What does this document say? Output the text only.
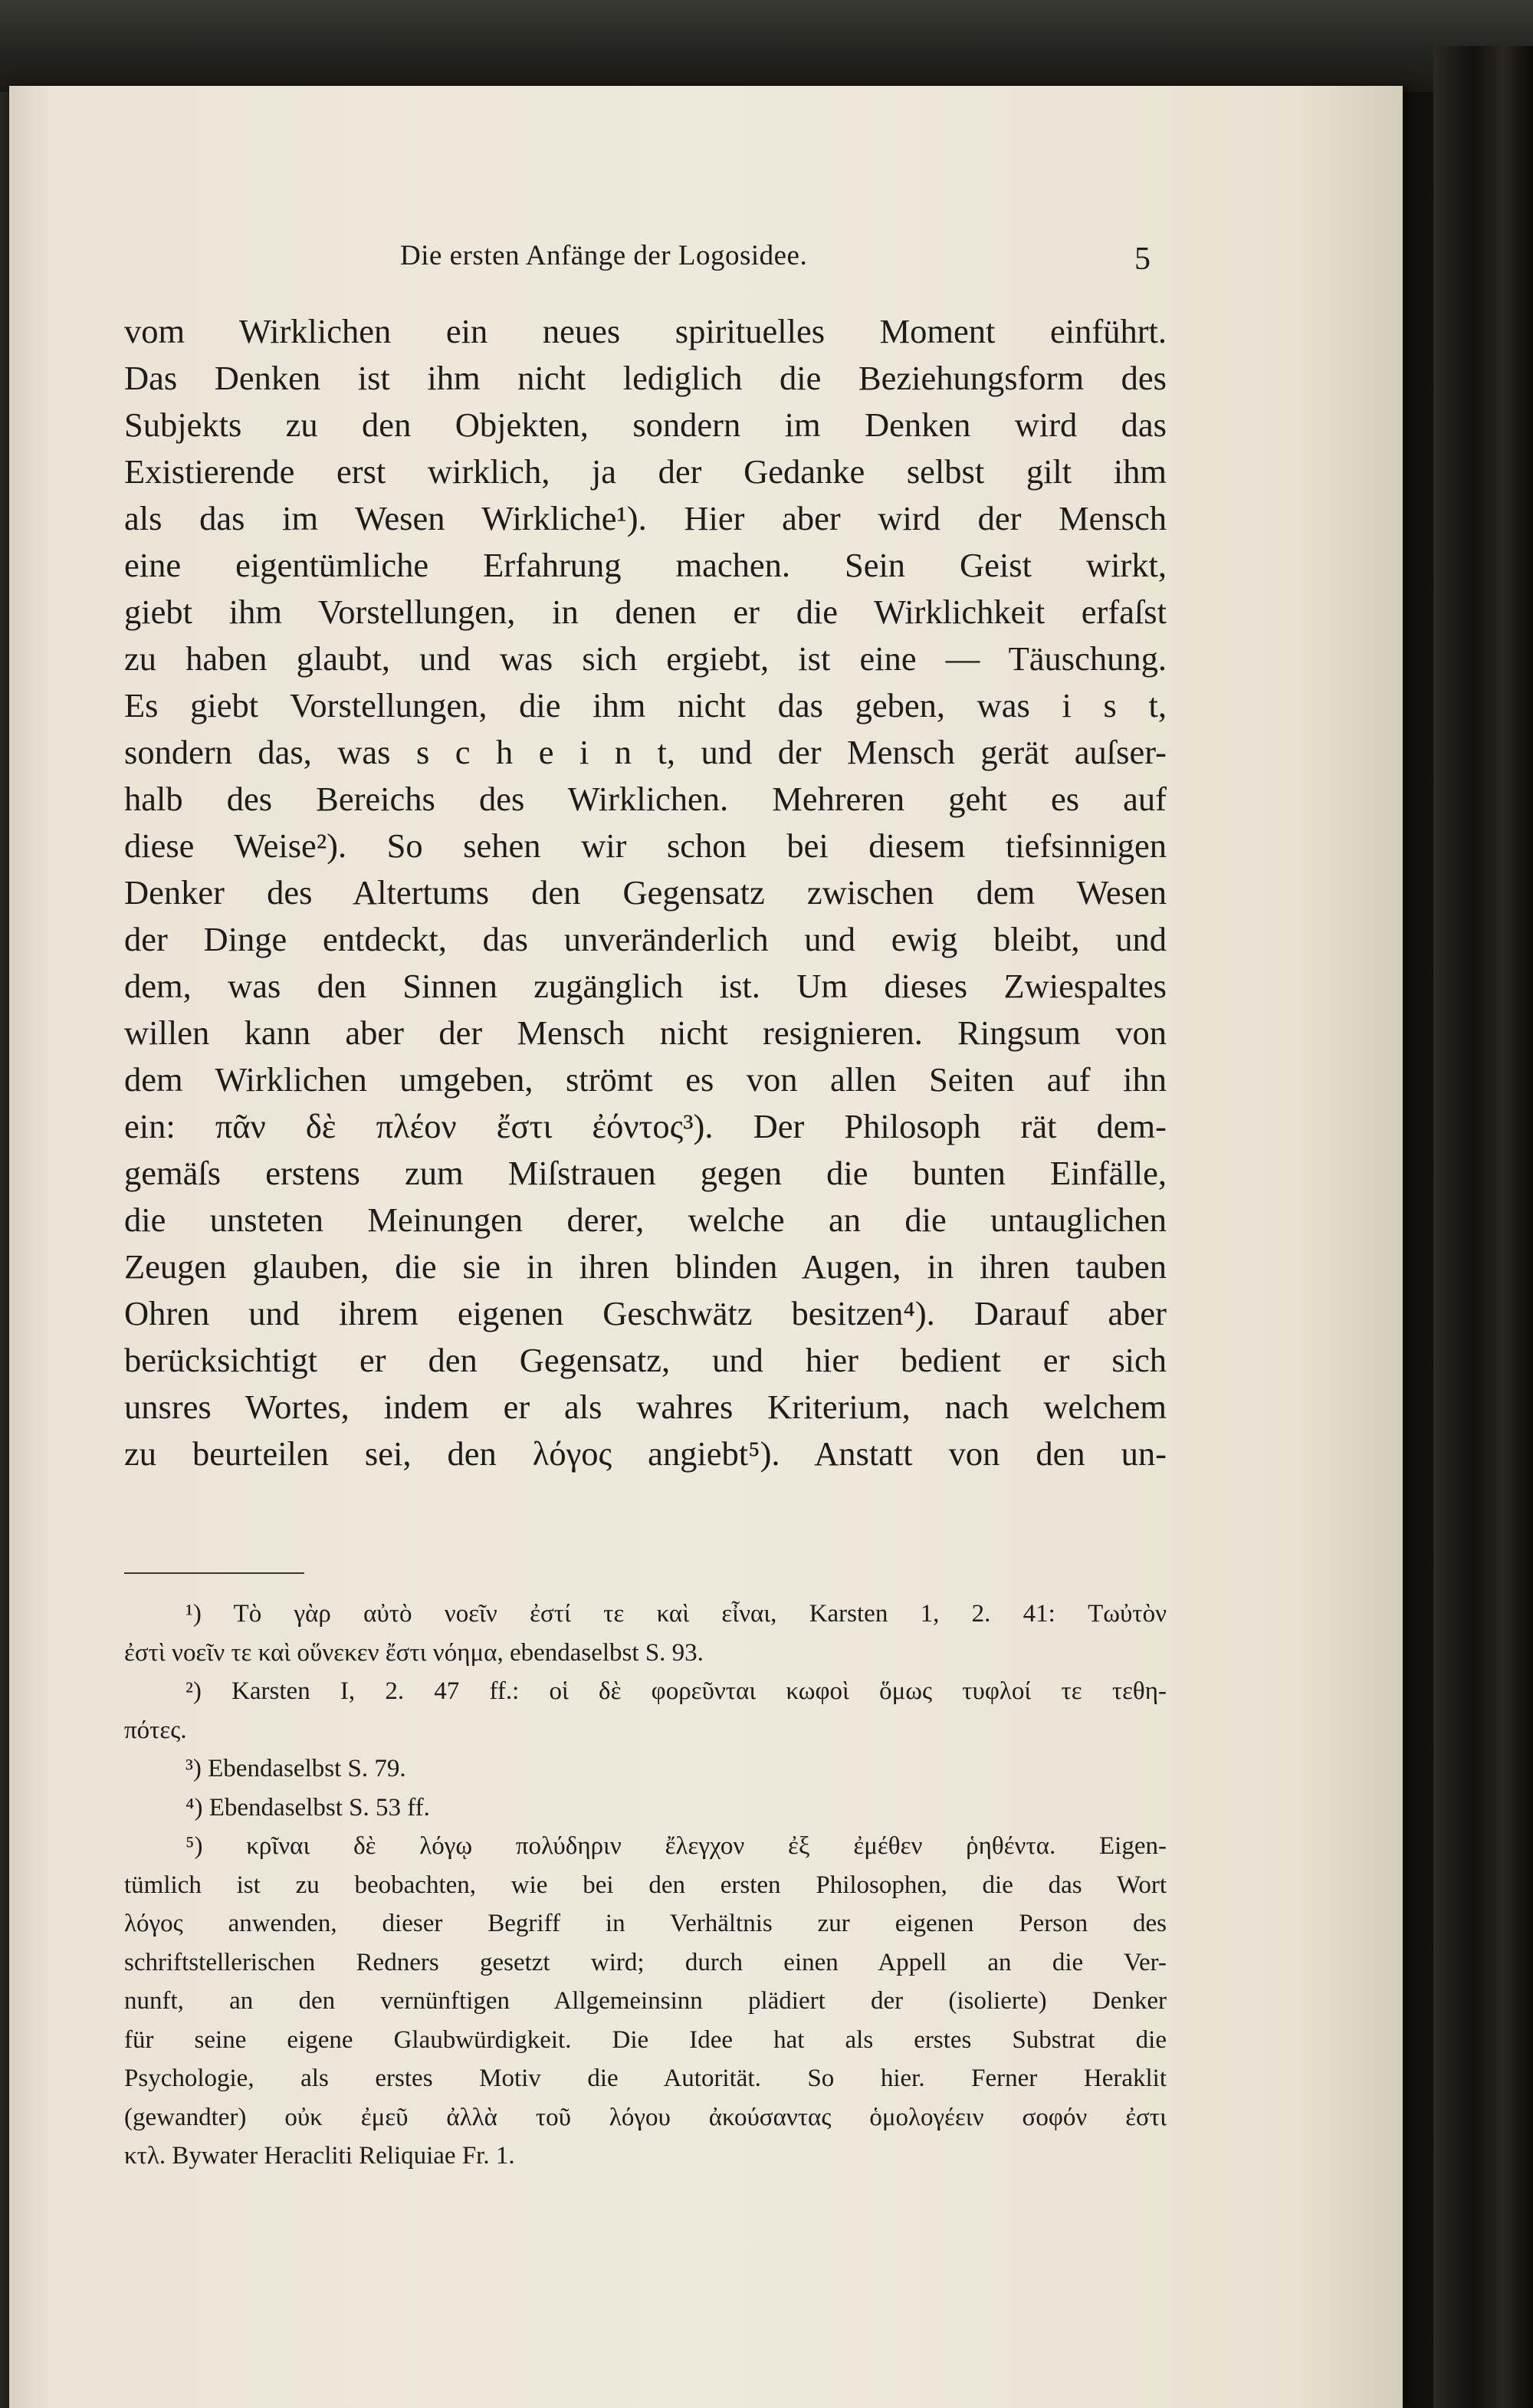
Die ersten Anfänge der Logosidee.	5
vom Wirklichen ein neues spirituelles Moment einführt.
Das Denken ist ihm nicht lediglich die Beziehungsform des
Subjekts zu den Objekten, sondern im Denken wird das
Existierende erst wirklich, ja der Gedanke selbst gilt ihm
als das im Wesen Wirkliche¹). Hier aber wird der Mensch
eine eigentümliche Erfahrung machen. Sein Geist wirkt,
giebt ihm Vorstellungen, in denen er die Wirklichkeit erfaſst
zu haben glaubt, und was sich ergiebt, ist eine — Täuschung.
Es giebt Vorstellungen, die ihm nicht das geben, was i s t,
sondern das, was s c h e i n t, und der Mensch gerät auſser-
halb des Bereichs des Wirklichen. Mehreren geht es auf
diese Weise²). So sehen wir schon bei diesem tiefsinnigen
Denker des Altertums den Gegensatz zwischen dem Wesen
der Dinge entdeckt, das unveränderlich und ewig bleibt, und
dem, was den Sinnen zugänglich ist. Um dieses Zwiespaltes
willen kann aber der Mensch nicht resignieren. Ringsum von
dem Wirklichen umgeben, strömt es von allen Seiten auf ihn
ein: πᾶν δὲ πλέον ἔστι ἐόντος³). Der Philosoph rät dem-
gemäſs erstens zum Miſstrauen gegen die bunten Einfälle,
die unsteten Meinungen derer, welche an die untauglichen
Zeugen glauben, die sie in ihren blinden Augen, in ihren tauben
Ohren und ihrem eigenen Geschwätz besitzen⁴). Darauf aber
berücksichtigt er den Gegensatz, und hier bedient er sich
unsres Wortes, indem er als wahres Kriterium, nach welchem
zu beurteilen sei, den λόγος angiebt⁵). Anstatt von den un-
¹) Τὸ γὰρ αὐτὸ νοεῖν ἐστί τε καὶ εἶναι, Karsten 1, 2. 41: Τωὐτὸν
ἐστὶ νοεῖν τε καὶ οὕνεκεν ἔστι νόημα, ebendaselbst S. 93.
²) Karsten I, 2. 47 ff.: οἱ δὲ φορεῦνται κωφοὶ ὅμως τυφλοί τε τεθη-
πότες.
³) Ebendaselbst S. 79.
⁴) Ebendaselbst S. 53 ff.
⁵) κρῖναι δὲ λόγῳ πολύδηριν ἔλεγχον ἐξ ἐμέθεν ῥηθέντα. Eigen-
tümlich ist zu beobachten, wie bei den ersten Philosophen, die das Wort
λόγος anwenden, dieser Begriff in Verhältnis zur eigenen Person des
schriftstellerischen Redners gesetzt wird; durch einen Appell an die Ver-
nunft, an den vernünftigen Allgemeinsinn plädiert der (isolierte) Denker
für seine eigene Glaubwürdigkeit. Die Idee hat als erstes Substrat die
Psychologie, als erstes Motiv die Autorität. So hier. Ferner Heraklit
(gewandter) οὐκ ἐμεῦ ἀλλὰ τοῦ λόγου ἀκούσαντας ὁμολογέειν σοφόν ἐστι
κτλ. Bywater Heracliti Reliquiae Fr. 1.
